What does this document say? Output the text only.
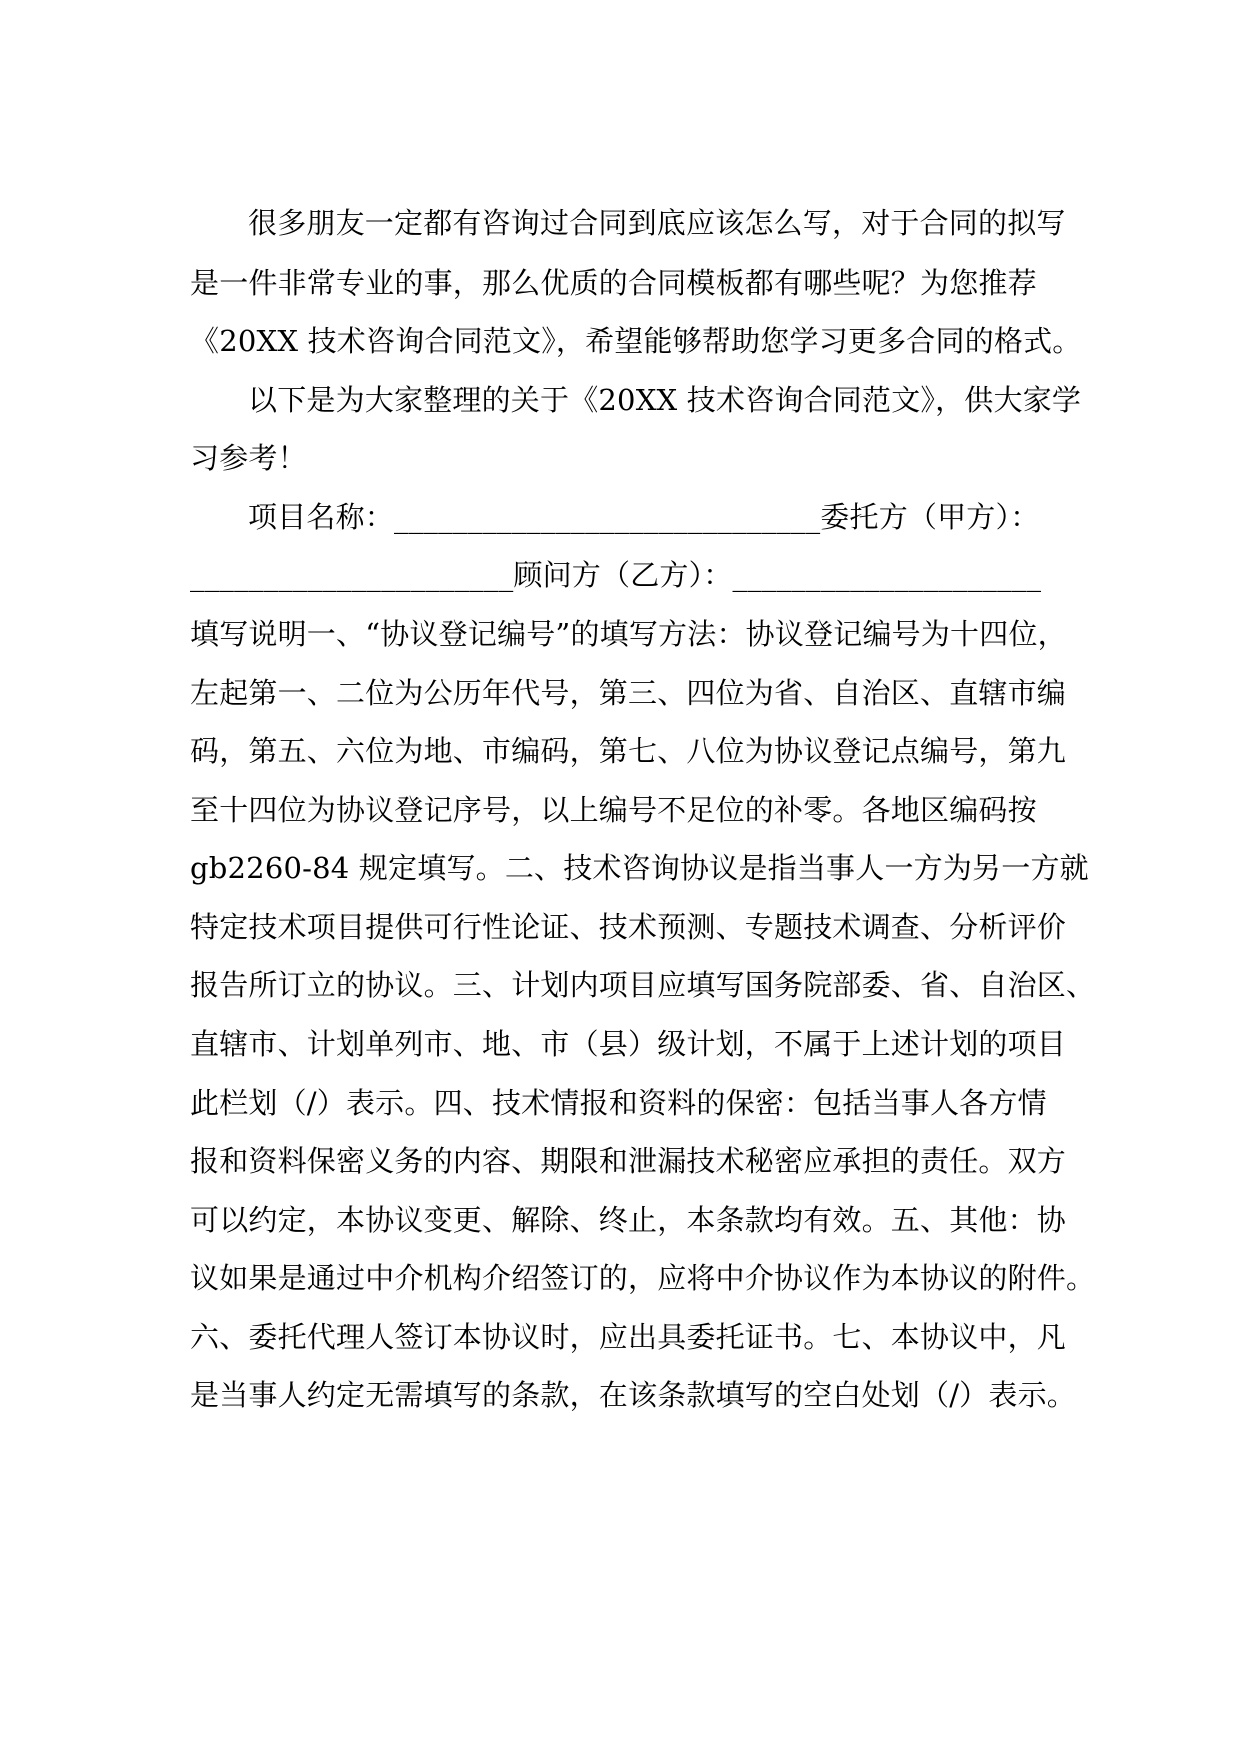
很多朋友一定都有咨询过合同到底应该怎么写，对于合同的拟写
是一件非常专业的事，那么优质的合同模板都有哪些呢？为您推荐
《20XX 技术咨询合同范文》，希望能够帮助您学习更多合同的格式。
以下是为大家整理的关于《20XX 技术咨询合同范文》，供大家学
习参考！
项目名称：_____________________________委托方（甲方）：
______________________顾问方（乙方）：_____________________
填写说明一、“协议登记编号”的填写方法：协议登记编号为十四位，
左起第一、二位为公历年代号，第三、四位为省、自治区、直辖市编
码，第五、六位为地、市编码，第七、八位为协议登记点编号，第九
至十四位为协议登记序号，以上编号不足位的补零。各地区编码按
gb2260-84 规定填写。二、技术咨询协议是指当事人一方为另一方就
特定技术项目提供可行性论证、技术预测、专题技术调查、分析评价
报告所订立的协议。三、计划内项目应填写国务院部委、省、自治区、
直辖市、计划单列市、地、市（县）级计划，不属于上述计划的项目
此栏划（/）表示。四、技术情报和资料的保密：包括当事人各方情
报和资料保密义务的内容、期限和泄漏技术秘密应承担的责任。双方
可以约定，本协议变更、解除、终止，本条款均有效。五、其他：协
议如果是通过中介机构介绍签订的，应将中介协议作为本协议的附件。
六、委托代理人签订本协议时，应出具委托证书。七、本协议中，凡
是当事人约定无需填写的条款，在该条款填写的空白处划（/）表示。
